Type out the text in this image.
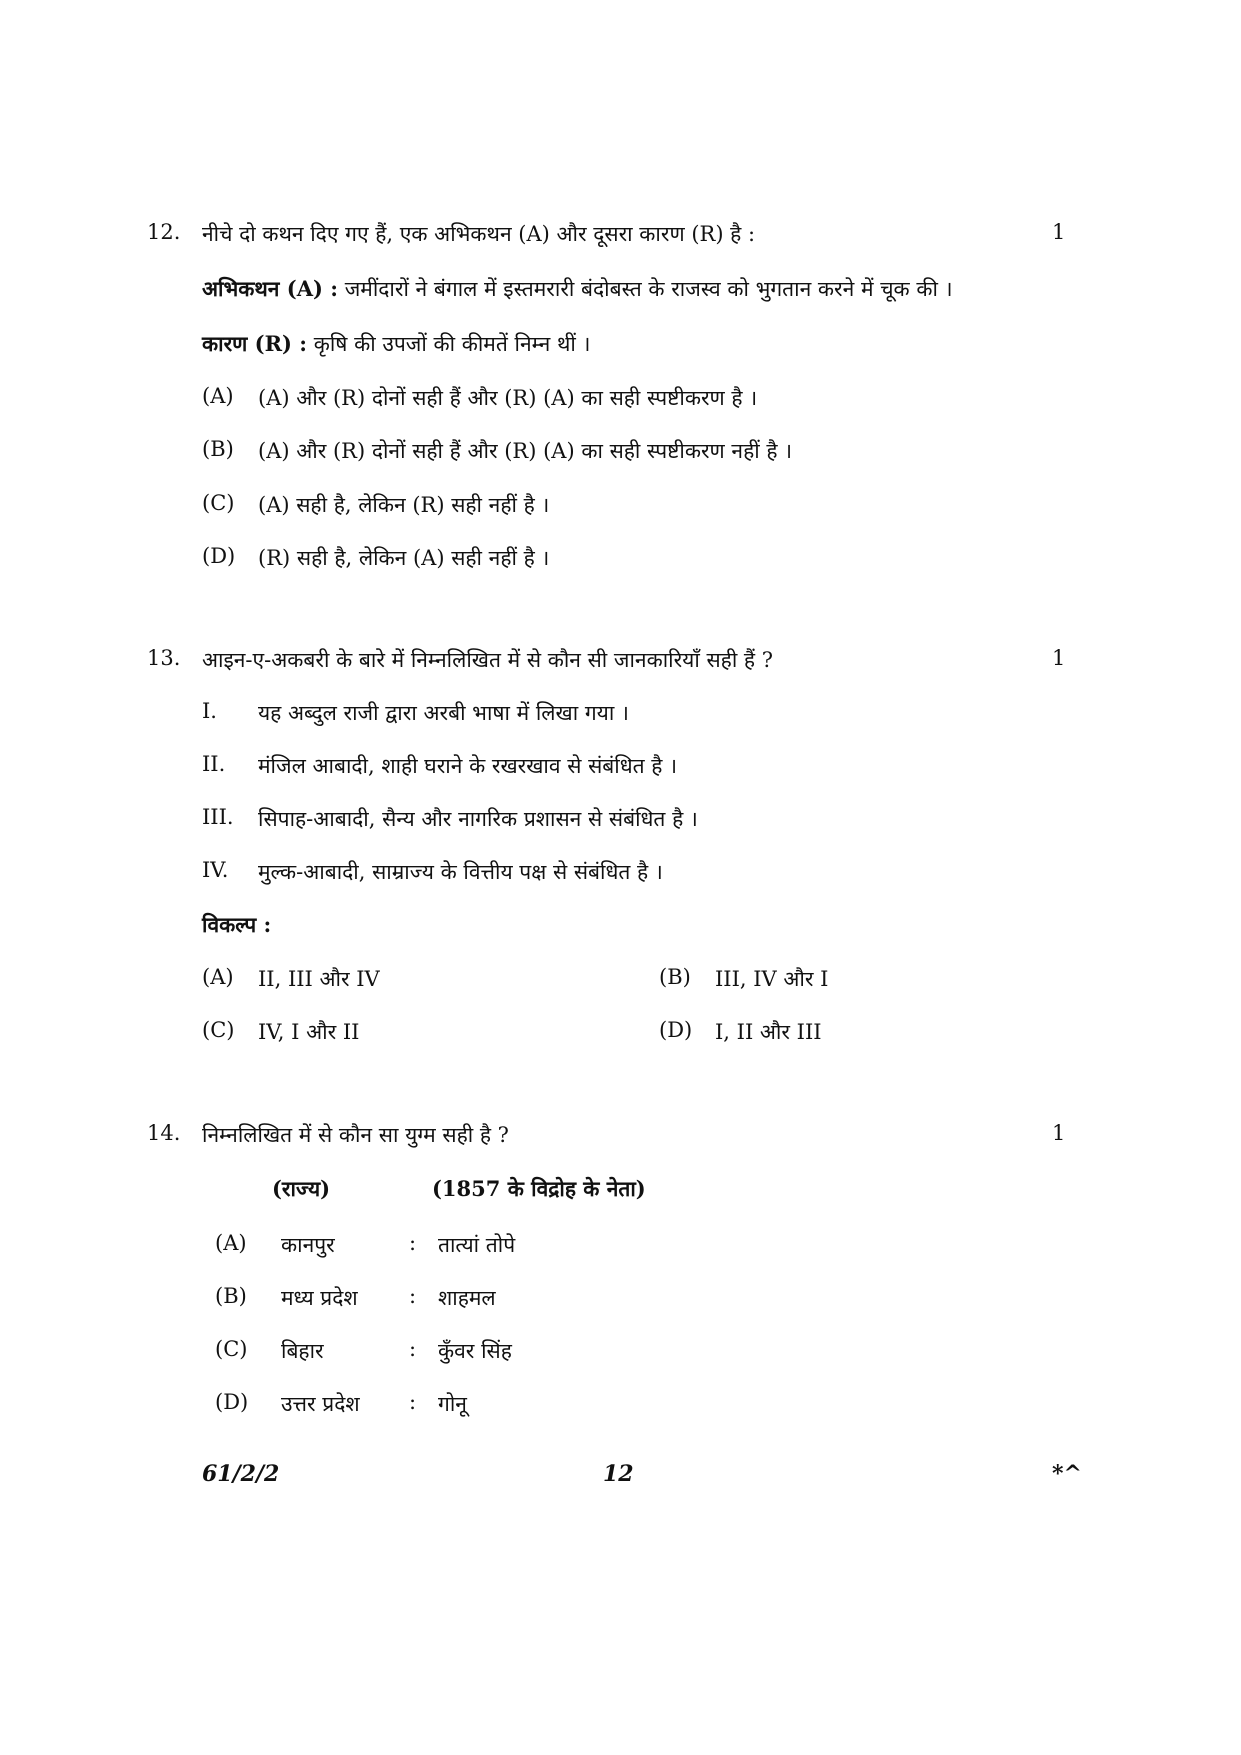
12. नीचे दो कथन दिए गए हैं, एक अभिकथन (A) और दूसरा कारण (R) है :	1
अभिकथन (A) : जमींदारों ने बंगाल में इस्तमरारी बंदोबस्त के राजस्व को भुगतान करने में चूक की ।
कारण (R) : कृषि की उपजों की कीमतें निम्न थीं ।
(A) (A) और (R) दोनों सही हैं और (R) (A) का सही स्पष्टीकरण है ।
(B) (A) और (R) दोनों सही हैं और (R) (A) का सही स्पष्टीकरण नहीं है ।
(C) (A) सही है, लेकिन (R) सही नहीं है ।
(D) (R) सही है, लेकिन (A) सही नहीं है ।
13. आइन-ए-अकबरी के बारे में निम्नलिखित में से कौन सी जानकारियाँ सही हैं ?	1
I. यह अब्दुल राजी द्वारा अरबी भाषा में लिखा गया ।
II. मंजिल आबादी, शाही घराने के रखरखाव से संबंधित है ।
III. सिपाह-आबादी, सैन्य और नागरिक प्रशासन से संबंधित है ।
IV. मुल्क-आबादी, साम्राज्य के वित्तीय पक्ष से संबंधित है ।
विकल्प :
(A) II, III और IV	(B) III, IV और I
(C) IV, I और II	(D) I, II और III
14. निम्नलिखित में से कौन सा युग्म सही है ?	1
(राज्य)	(1857 के विद्रोह के नेता)
(A) कानपुर	: तात्यां तोपे
(B) मध्य प्रदेश : शाहमल
(C) बिहार	: कुँवर सिंह
(D) उत्तर प्रदेश : गोनू
61/2/2	12	*^
